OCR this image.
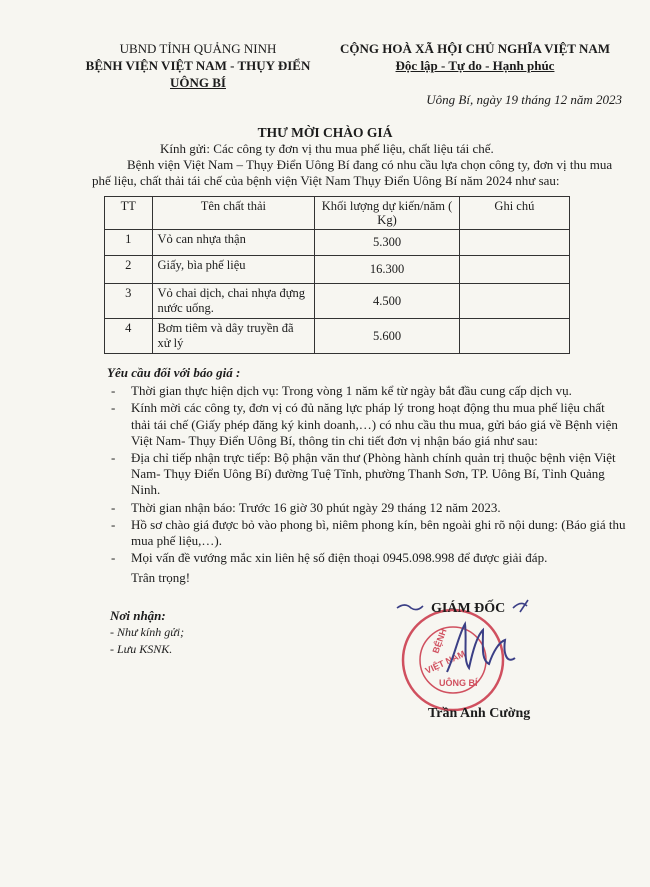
UBND TỈNH QUẢNG NINH
BỆNH VIỆN VIỆT NAM - THỤY ĐIỂN
UÔNG BÍ
CỘNG HOÀ XÃ HỘI CHỦ NGHĨA VIỆT NAM
Độc lập - Tự do - Hạnh phúc
Uông Bí, ngày 19 tháng 12 năm 2023
THƯ MỜI CHÀO GIÁ
Kính gửi: Các công ty đơn vị thu mua phế liệu, chất liệu tái chế.
Bệnh viện Việt Nam – Thụy Điển Uông Bí đang có nhu cầu lựa chọn công ty, đơn vị thu mua phế liệu, chất thải tái chế của bệnh viện Việt Nam Thụy Điển Uông Bí năm 2024 như sau:
TT	Tên chất thải	Khối lượng dự kiến/năm ( Kg)	Ghi chú
1	Vỏ can nhựa thận	5.300	
2	Giấy, bìa phế liệu	16.300	
3	Vỏ chai dịch, chai nhựa đựng nước uống.	4.500	
4	Bơm tiêm và dây truyền đã xử lý	5.600	
Yêu cầu đối với báo giá :
- Thời gian thực hiện dịch vụ: Trong vòng 1 năm kể từ ngày bắt đầu cung cấp dịch vụ.
- Kính mời các công ty, đơn vị có đủ năng lực pháp lý trong hoạt động thu mua phế liệu chất thải tái chế (Giấy phép đăng ký kinh doanh,…) có nhu cầu thu mua, gửi báo giá về Bệnh viện Việt Nam- Thụy Điển Uông Bí, thông tin chi tiết đơn vị nhận báo giá như sau:
- Địa chỉ tiếp nhận trực tiếp: Bộ phận văn thư (Phòng hành chính quản trị thuộc bệnh viện Việt Nam- Thụy Điển Uông Bí) đường Tuệ Tĩnh, phường Thanh Sơn, TP. Uông Bí, Tỉnh Quảng Ninh.
- Thời gian nhận báo: Trước 16 giờ 30 phút ngày 29 tháng 12 năm 2023.
- Hồ sơ chào giá được bỏ vào phong bì, niêm phong kín, bên ngoài ghi rõ nội dung: (Báo giá thu mua phế liệu,…).
- Mọi vấn đề vướng mắc xin liên hệ số điện thoại 0945.098.998 để được giải đáp.
Trân trọng!
Nơi nhận:
- Như kính gửi;
- Lưu KSNK.	BỆNH
VIỆT NAM
UÔNG BÍ
GIÁM ĐỐC
Trần Anh Cường
